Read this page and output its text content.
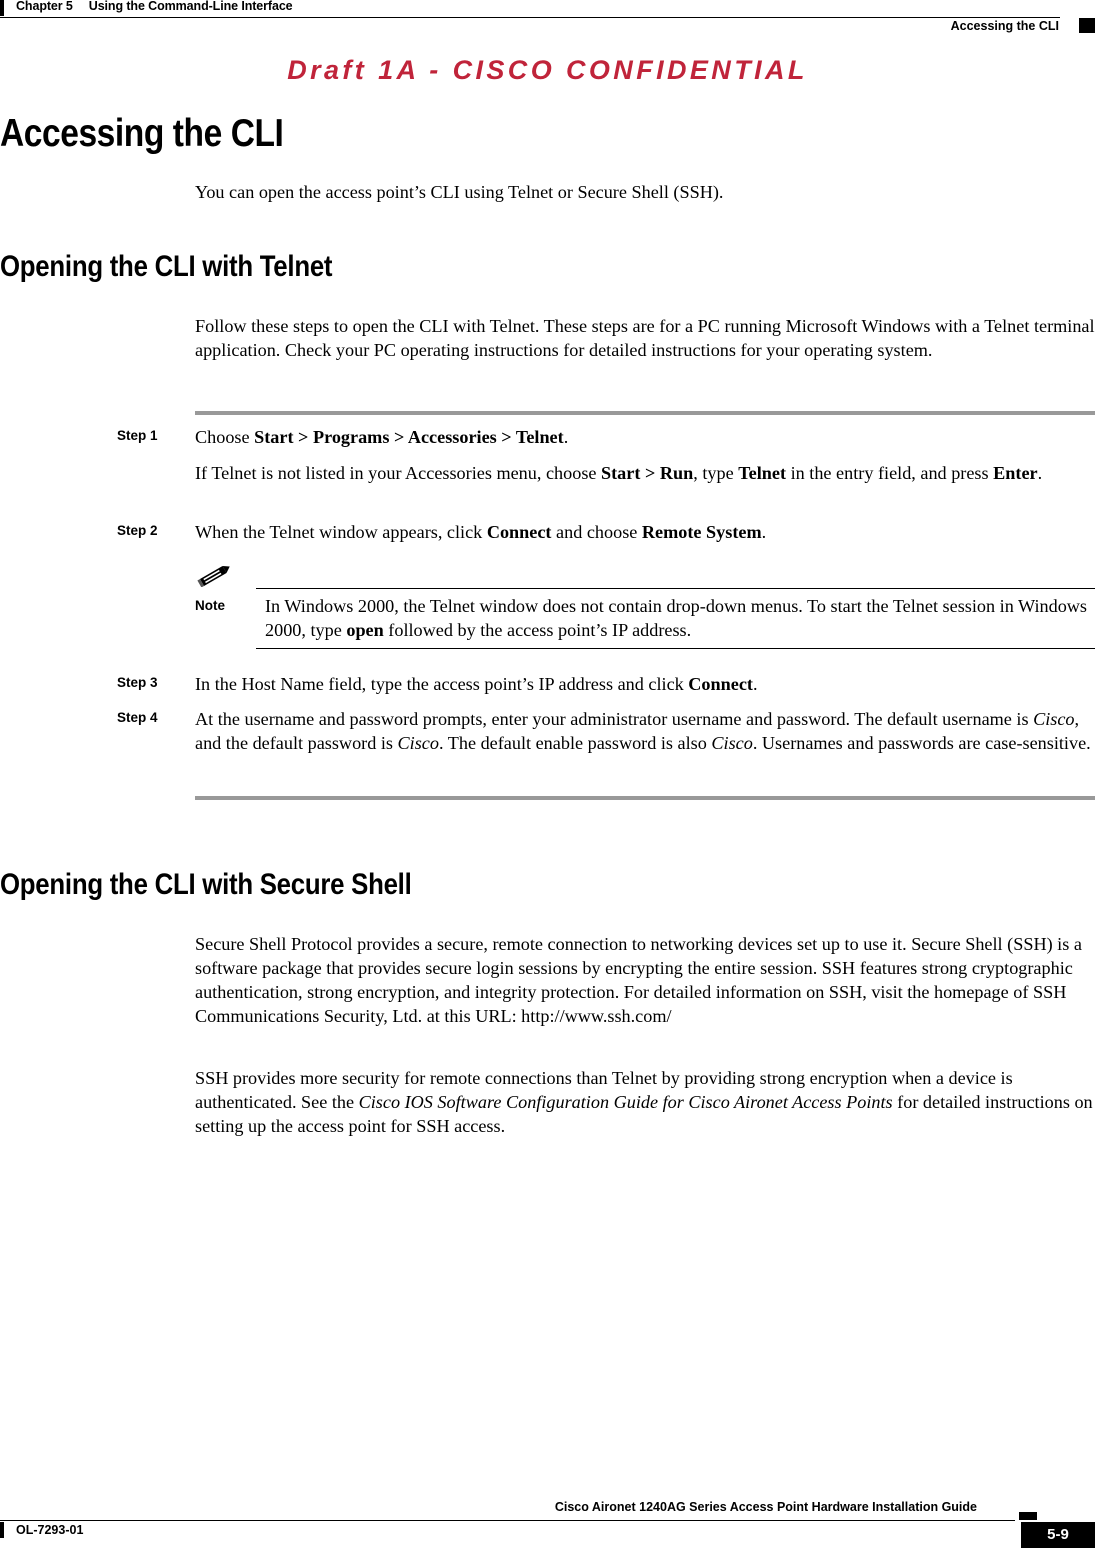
Chapter 5 Using the Command-Line Interface
Accessing the CLI
Draft 1A - CISCO CONFIDENTIAL
Accessing the CLI
You can open the access point’s CLI using Telnet or Secure Shell (SSH).
Opening the CLI with Telnet
Follow these steps to open the CLI with Telnet. These steps are for a PC running Microsoft Windows with a Telnet terminal application. Check your PC operating instructions for detailed instructions for your operating system.
Step 1 Choose Start > Programs > Accessories > Telnet.
If Telnet is not listed in your Accessories menu, choose Start > Run, type Telnet in the entry field, and press Enter.
Step 2 When the Telnet window appears, click Connect and choose Remote System.
Note In Windows 2000, the Telnet window does not contain drop-down menus. To start the Telnet session in Windows 2000, type open followed by the access point’s IP address.
Step 3 In the Host Name field, type the access point’s IP address and click Connect.
Step 4 At the username and password prompts, enter your administrator username and password. The default username is Cisco, and the default password is Cisco. The default enable password is also Cisco. Usernames and passwords are case-sensitive.
Opening the CLI with Secure Shell
Secure Shell Protocol provides a secure, remote connection to networking devices set up to use it. Secure Shell (SSH) is a software package that provides secure login sessions by encrypting the entire session. SSH features strong cryptographic authentication, strong encryption, and integrity protection. For detailed information on SSH, visit the homepage of SSH Communications Security, Ltd. at this URL: http://www.ssh.com/
SSH provides more security for remote connections than Telnet by providing strong encryption when a device is authenticated. See the Cisco IOS Software Configuration Guide for Cisco Aironet Access Points for detailed instructions on setting up the access point for SSH access.
Cisco Aironet 1240AG Series Access Point Hardware Installation Guide
OL-7293-01	5-9
